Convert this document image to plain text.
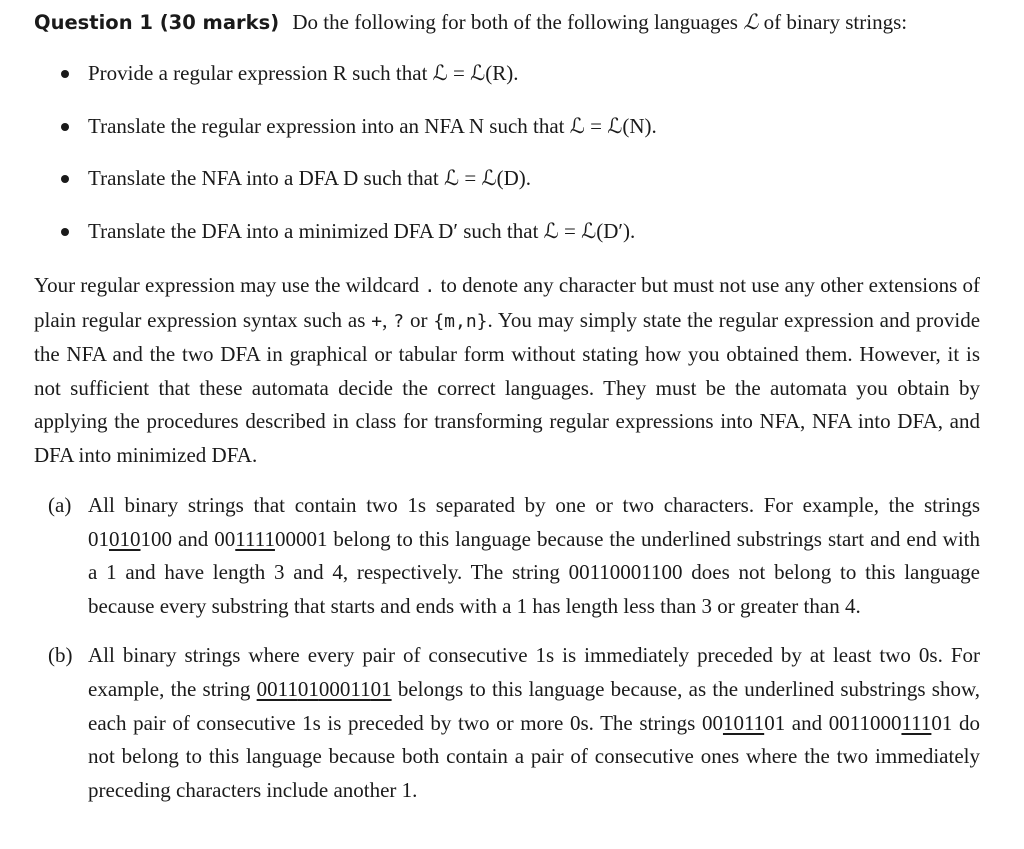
Question 1 (30 marks) Do the following for both of the following languages ℒ of binary strings:
Provide a regular expression R such that ℒ = ℒ(R).
Translate the regular expression into an NFA N such that ℒ = ℒ(N).
Translate the NFA into a DFA D such that ℒ = ℒ(D).
Translate the DFA into a minimized DFA D′ such that ℒ = ℒ(D′).
Your regular expression may use the wildcard . to denote any character but must not use any other extensions of plain regular expression syntax such as +, ? or {m,n}. You may simply state the regular expression and provide the NFA and the two DFA in graphical or tabular form without stating how you obtained them. However, it is not sufficient that these automata decide the correct languages. They must be the automata you obtain by applying the procedures described in class for transforming regular expressions into NFA, NFA into DFA, and DFA into minimized DFA.
(a) All binary strings that contain two 1s separated by one or two characters. For example, the strings 01010100 and 00111100001 belong to this language because the underlined substrings start and end with a 1 and have length 3 and 4, respectively. The string 00110001100 does not belong to this language because every substring that starts and ends with a 1 has length less than 3 or greater than 4.
(b) All binary strings where every pair of consecutive 1s is immediately preceded by at least two 0s. For example, the string 0011010001101 belongs to this language because, as the underlined substrings show, each pair of consecutive 1s is preceded by two or more 0s. The strings 00101101 and 001100011101 do not belong to this language because both contain a pair of consecutive ones where the two immediately preceding characters include another 1.
